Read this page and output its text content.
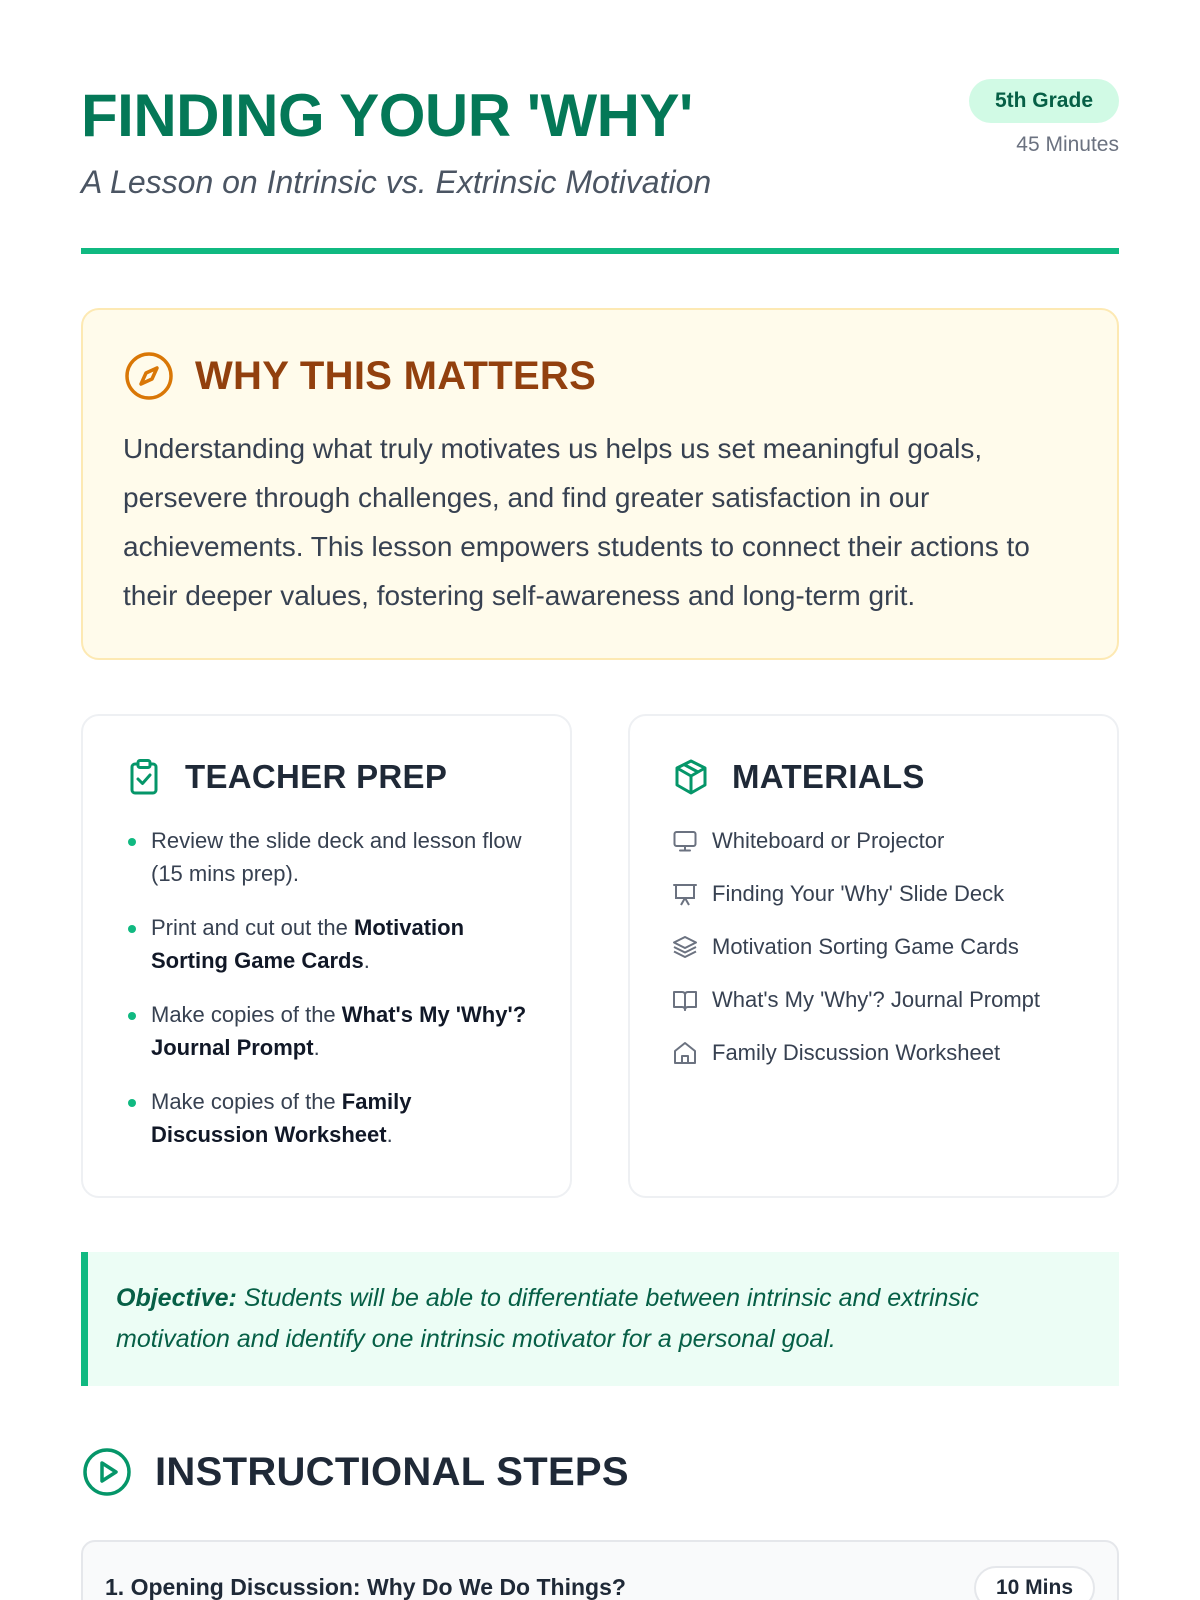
FINDING YOUR 'WHY'
A Lesson on Intrinsic vs. Extrinsic Motivation
5th Grade
45 Minutes
WHY THIS MATTERS

Understanding what truly motivates us helps us set meaningful goals, persevere through challenges, and find greater satisfaction in our achievements. This lesson empowers students to connect their actions to their deeper values, fostering self-awareness and long-term grit.

TEACHER PREP
Review the slide deck and lesson flow (15 mins prep).
Print and cut out the Motivation Sorting Game Cards.
Make copies of the What's My 'Why'? Journal Prompt.
Make copies of the Family Discussion Worksheet.
MATERIALS
Whiteboard or Projector
Finding Your 'Why' Slide Deck
Motivation Sorting Game Cards
What's My 'Why'? Journal Prompt
Family Discussion Worksheet

Objective: Students will be able to differentiate between intrinsic and extrinsic motivation and identify one intrinsic motivator for a personal goal.

INSTRUCTIONAL STEPS
1. Opening Discussion: Why Do We Do Things?	10 Mins
